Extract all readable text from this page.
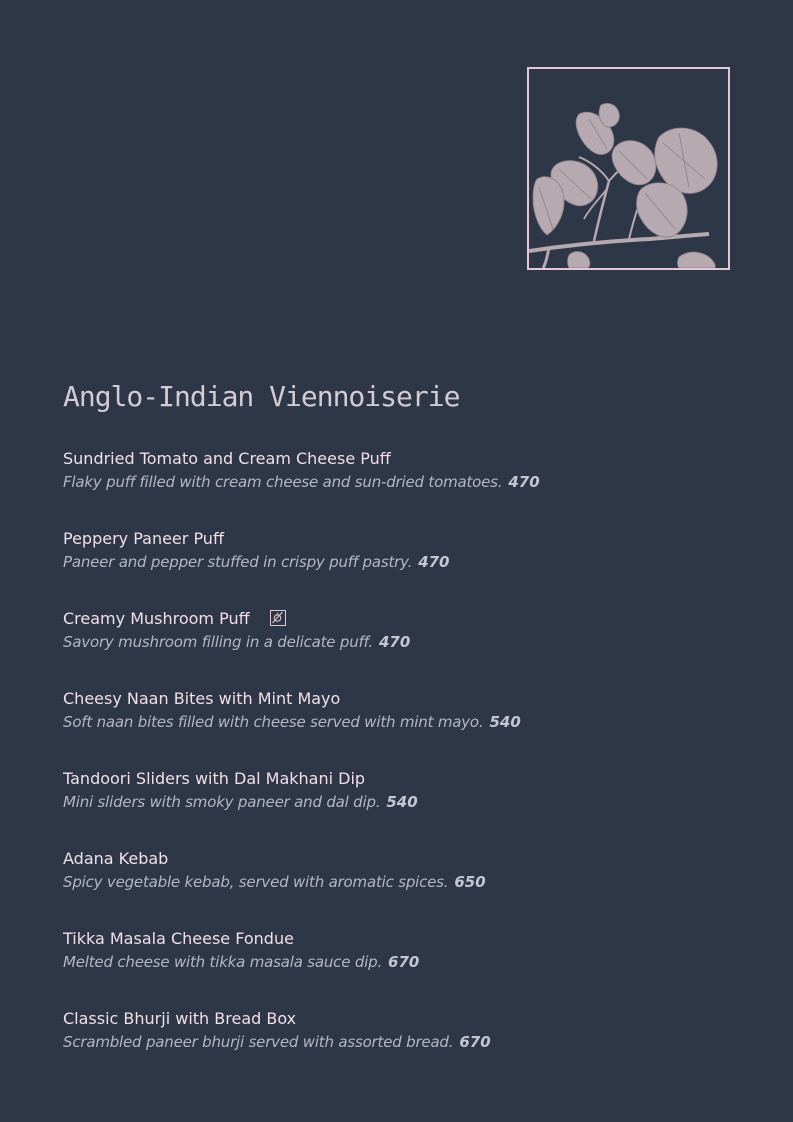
Anglo-Indian Viennoiserie
Sundried Tomato and Cream Cheese Puff
Flaky puff filled with cream cheese and sun-dried tomatoes. 470
Peppery Paneer Puff
Paneer and pepper stuffed in crispy puff pastry. 470
Creamy Mushroom Puff
Savory mushroom filling in a delicate puff. 470
Cheesy Naan Bites with Mint Mayo
Soft naan bites filled with cheese served with mint mayo. 540
Tandoori Sliders with Dal Makhani Dip
Mini sliders with smoky paneer and dal dip. 540
Adana Kebab
Spicy vegetable kebab, served with aromatic spices. 650
Tikka Masala Cheese Fondue
Melted cheese with tikka masala sauce dip. 670
Classic Bhurji with Bread Box
Scrambled paneer bhurji served with assorted bread. 670
